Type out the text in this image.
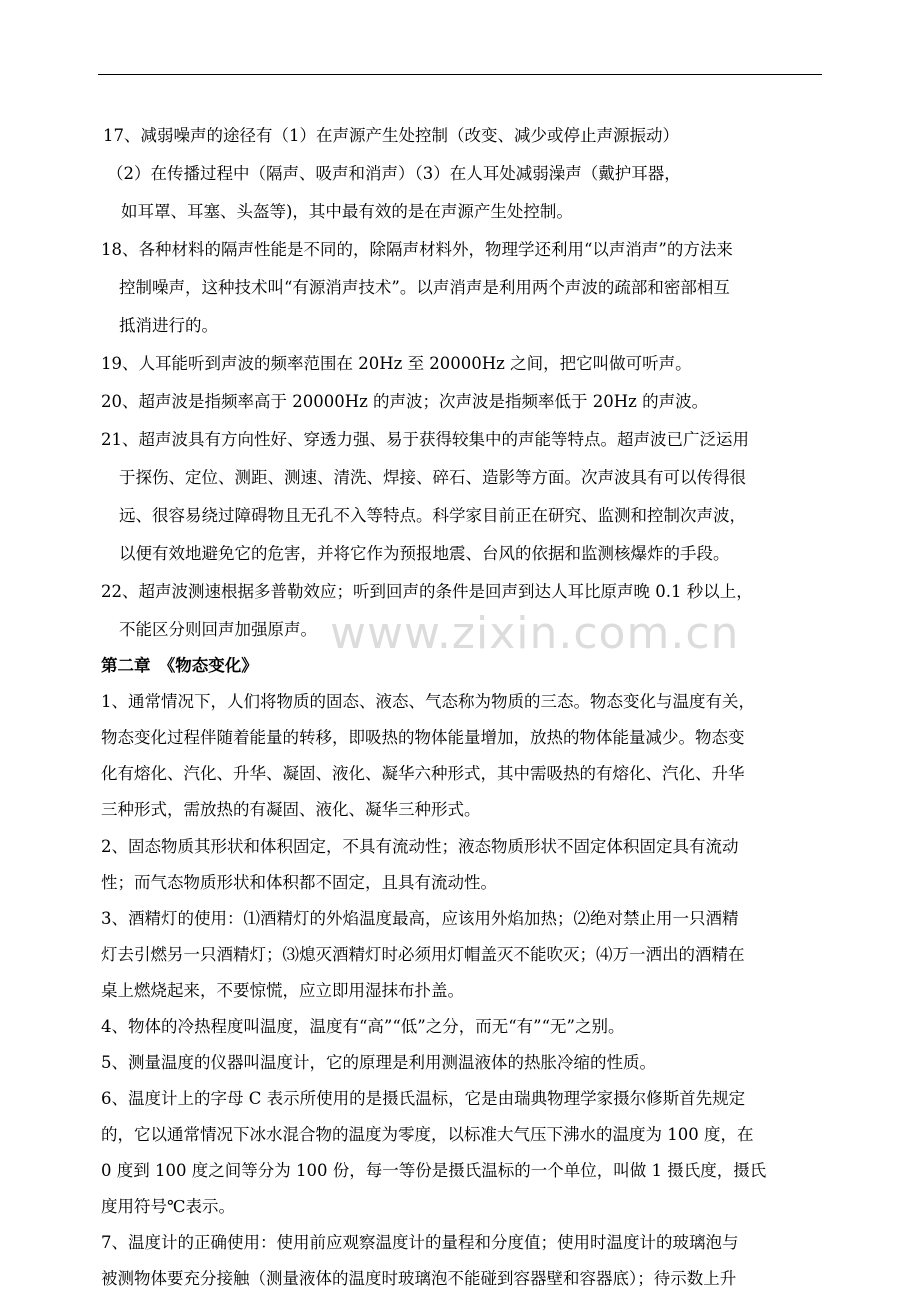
www.zixin.com.cn
17、减弱噪声的途径有（1）在声源产生处控制（改变、减少或停止声源振动）
（2）在传播过程中（隔声、吸声和消声）（3）在人耳处减弱澡声（戴护耳器，
如耳罩、耳塞、头盔等)，其中最有效的是在声源产生处控制。
18、各种材料的隔声性能是不同的，除隔声材料外，物理学还利用“以声消声”的方法来
控制噪声，这种技术叫“有源消声技术”。以声消声是利用两个声波的疏部和密部相互
抵消进行的。
19、人耳能听到声波的频率范围在 20Hz 至 20000Hz 之间，把它叫做可听声。
20、超声波是指频率高于 20000Hz 的声波；次声波是指频率低于 20Hz 的声波。
21、超声波具有方向性好、穿透力强、易于获得较集中的声能等特点。超声波已广泛运用
于探伤、定位、测距、测速、清洗、焊接、碎石、造影等方面。次声波具有可以传得很
远、很容易绕过障碍物且无孔不入等特点。科学家目前正在研究、监测和控制次声波，
以便有效地避免它的危害，并将它作为预报地震、台风的依据和监测核爆炸的手段。
22、超声波测速根据多普勒效应；听到回声的条件是回声到达人耳比原声晚 0.1 秒以上，
不能区分则回声加强原声。
第二章　《物态变化》
1、通常情况下，人们将物质的固态、液态、气态称为物质的三态。物态变化与温度有关，
物态变化过程伴随着能量的转移，即吸热的物体能量增加，放热的物体能量减少。物态变
化有熔化、汽化、升华、凝固、液化、凝华六种形式，其中需吸热的有熔化、汽化、升华
三种形式，需放热的有凝固、液化、凝华三种形式。
2、固态物质其形状和体积固定，不具有流动性；液态物质形状不固定体积固定具有流动
性；而气态物质形状和体积都不固定，且具有流动性。
3、酒精灯的使用：⑴酒精灯的外焰温度最高，应该用外焰加热；⑵绝对禁止用一只酒精
灯去引燃另一只酒精灯；⑶熄灭酒精灯时必须用灯帽盖灭不能吹灭；⑷万一洒出的酒精在
桌上燃烧起来，不要惊慌，应立即用湿抹布扑盖。
4、物体的冷热程度叫温度，温度有“高”“低”之分，而无“有”“无”之别。
5、测量温度的仪器叫温度计，它的原理是利用测温液体的热胀冷缩的性质。
6、温度计上的字母 C 表示所使用的是摄氏温标，它是由瑞典物理学家摄尔修斯首先规定
的，它以通常情况下冰水混合物的温度为零度，以标准大气压下沸水的温度为 100 度，在
0 度到 100 度之间等分为 100 份，每一等份是摄氏温标的一个单位，叫做 1 摄氏度，摄氏
度用符号℃表示。
7、温度计的正确使用：使用前应观察温度计的量程和分度值；使用时温度计的玻璃泡与
被测物体要充分接触（测量液体的温度时玻璃泡不能碰到容器壁和容器底）；待示数上升
